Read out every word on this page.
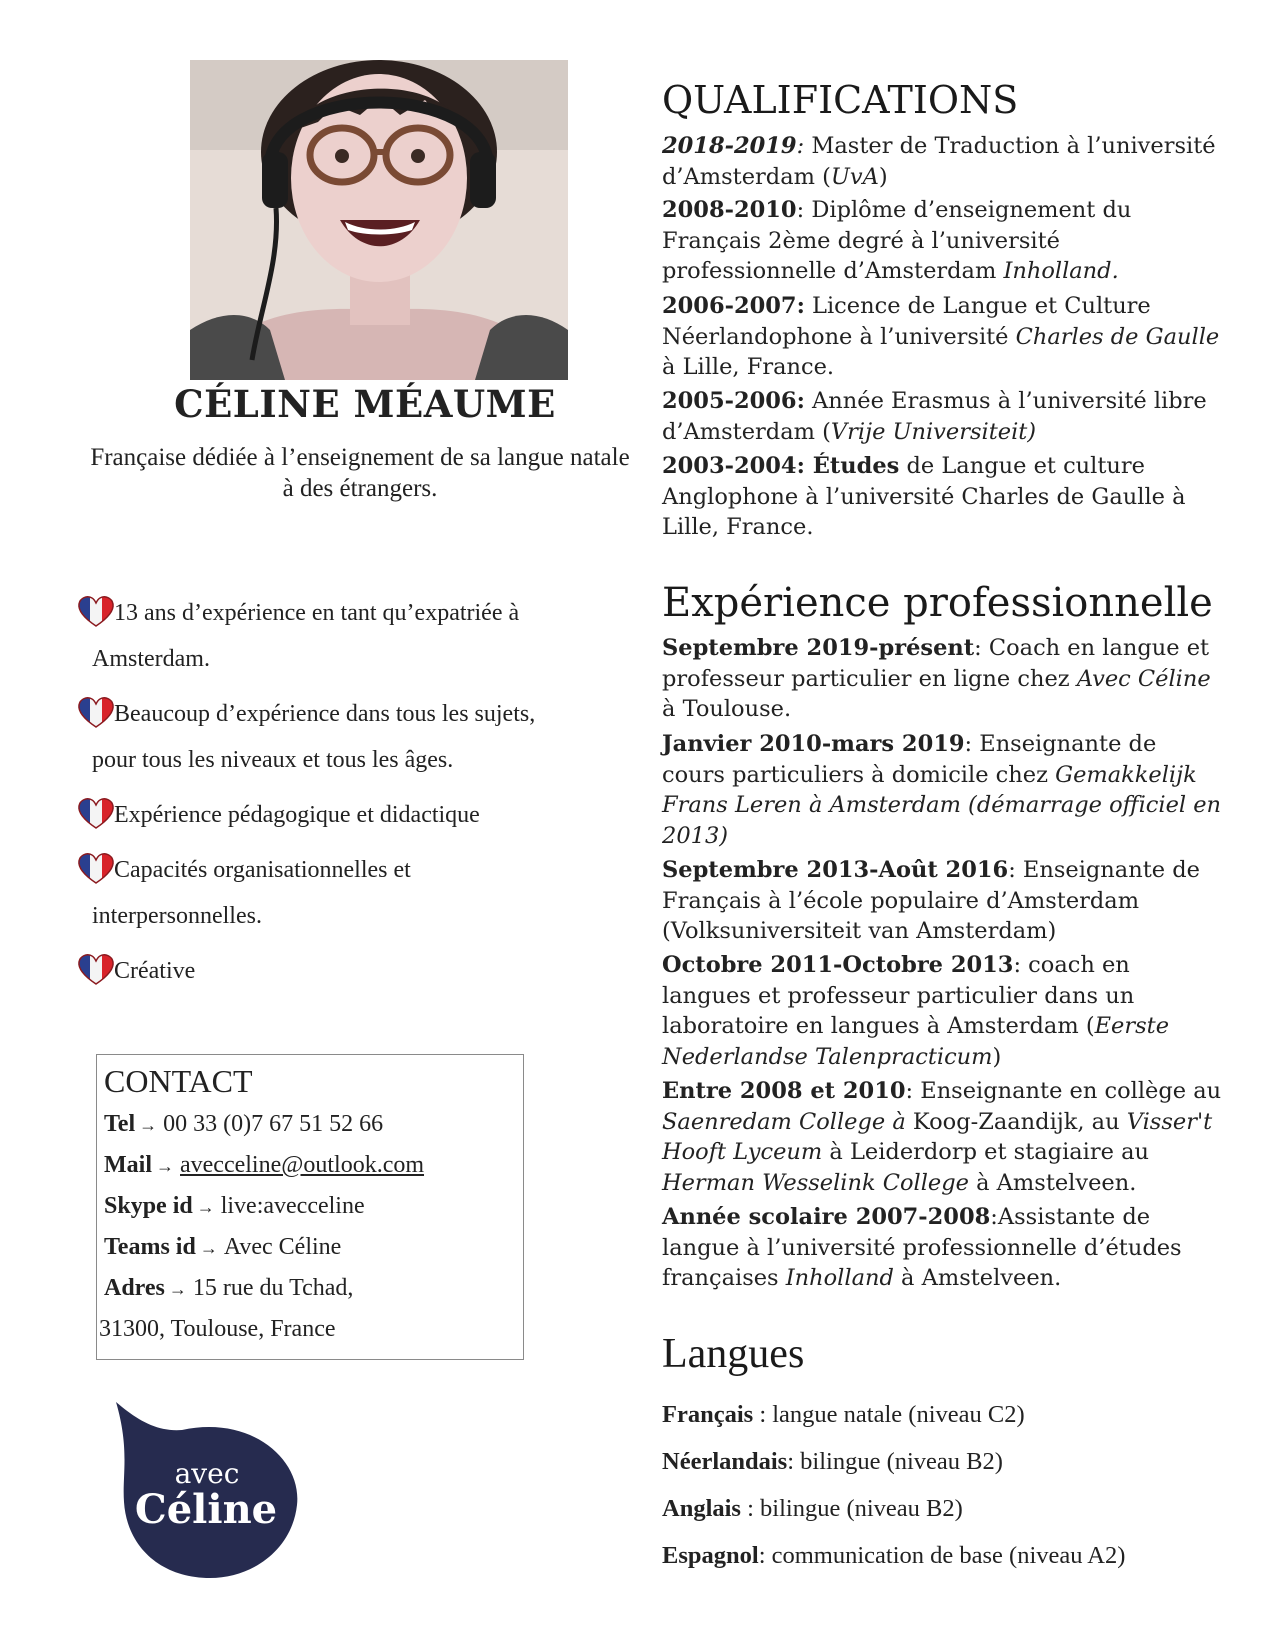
CÉLINE MÉAUME
Française dédiée à l’enseignement de sa langue natale à des étrangers.
13 ans d’expérience en tant qu’expatriée à
Amsterdam.
Beaucoup d’expérience dans tous les sujets,
pour tous les niveaux et tous les âges.
Expérience pédagogique et didactique
Capacités organisationnelles et
interpersonnelles.
Créative
CONTACT
Tel → 00 33 (0)7 67 51 52 66
Mail → avecceline@outlook.com
Skype id → live:avecceline
Teams id → Avec Céline
Adres → 15 rue du Tchad,
31300, Toulouse, France
avec
Céline
QUALIFICATIONS
2018-2019: Master de Traduction à l’université d’Amsterdam (UvA)
2008-2010: Diplôme d’enseignement du Français 2ème degré à l’université professionnelle d’Amsterdam Inholland.
2006-2007: Licence de Langue et Culture Néerlandophone à l’université Charles de Gaulle à Lille, France.
2005-2006: Année Erasmus à l’université libre d’Amsterdam (Vrije Universiteit)
2003-2004: Études de Langue et culture Anglophone à l’université Charles de Gaulle à Lille, France.
Expérience professionnelle
Septembre 2019-présent: Coach en langue et professeur particulier en ligne chez Avec Céline à Toulouse.
Janvier 2010-mars 2019: Enseignante de cours particuliers à domicile chez Gemakkelijk Frans Leren à Amsterdam (démarrage officiel en 2013)
Septembre 2013-Août 2016: Enseignante de Français à l’école populaire d’Amsterdam (Volksuniversiteit van Amsterdam)
Octobre 2011-Octobre 2013: coach en langues et professeur particulier dans un laboratoire en langues à Amsterdam (Eerste Nederlandse Talenpracticum)
Entre 2008 et 2010: Enseignante en collège au Saenredam College à Koog-Zaandijk, au Visser't Hooft Lyceum à Leiderdorp et stagiaire au Herman Wesselink College à Amstelveen.
Année scolaire 2007-2008:Assistante de langue à l’université professionnelle d’études françaises Inholland à Amstelveen.
Langues
Français : langue natale (niveau C2)
Néerlandais: bilingue (niveau B2)
Anglais : bilingue (niveau B2)
Espagnol: communication de base (niveau A2)
